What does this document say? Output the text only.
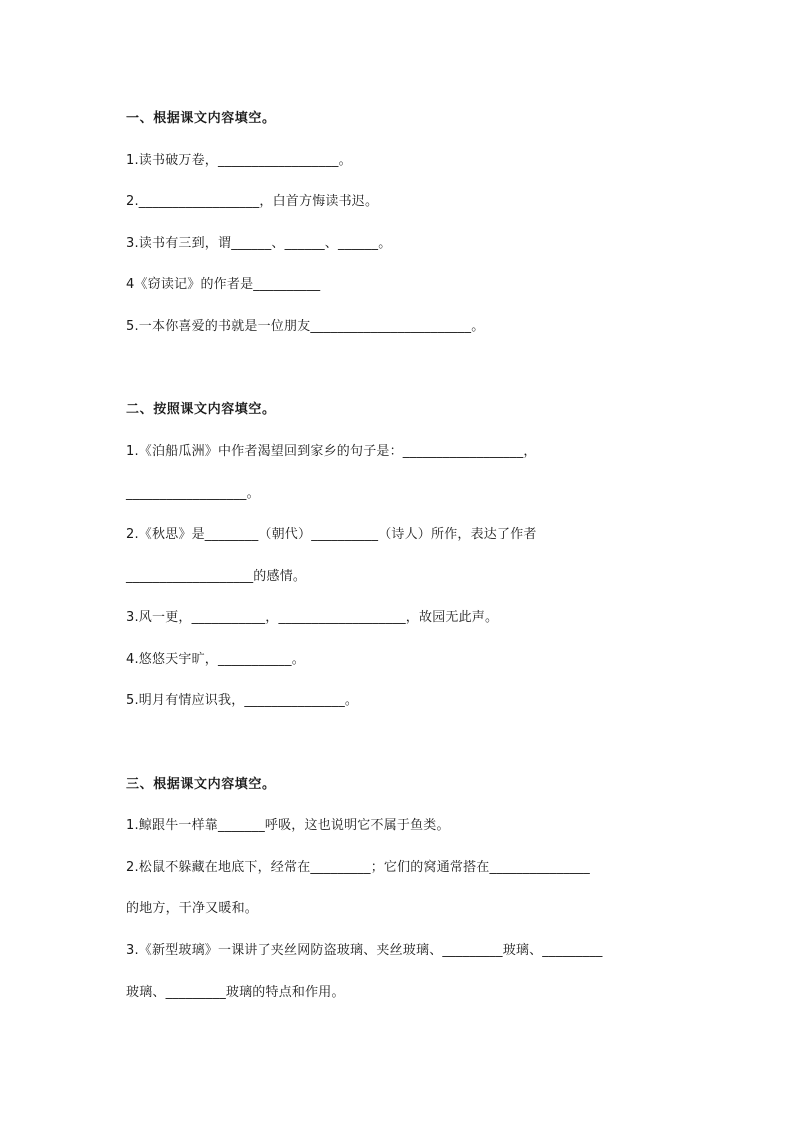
一、根据课文内容填空。
1.读书破万卷，__________________。
2.__________________，白首方悔读书迟。
3.读书有三到，谓______、______、______。
4《窃读记》的作者是__________
5.一本你喜爱的书就是一位朋友________________________。
二、按照课文内容填空。
1.《泊船瓜洲》中作者渴望回到家乡的句子是：__________________，
__________________。
2.《秋思》是________（朝代）__________（诗人）所作，表达了作者
___________________的感情。
3.风一更，___________，___________________，故园无此声。
4.悠悠天宇旷，___________。
5.明月有情应识我，_______________。
三、根据课文内容填空。
1.鲸跟牛一样靠_______呼吸，这也说明它不属于鱼类。
2.松鼠不躲藏在地底下，经常在_________；它们的窝通常搭在_______________
的地方，干净又暖和。
3.《新型玻璃》一课讲了夹丝网防盗玻璃、夹丝玻璃、_________玻璃、_________
玻璃、_________玻璃的特点和作用。
